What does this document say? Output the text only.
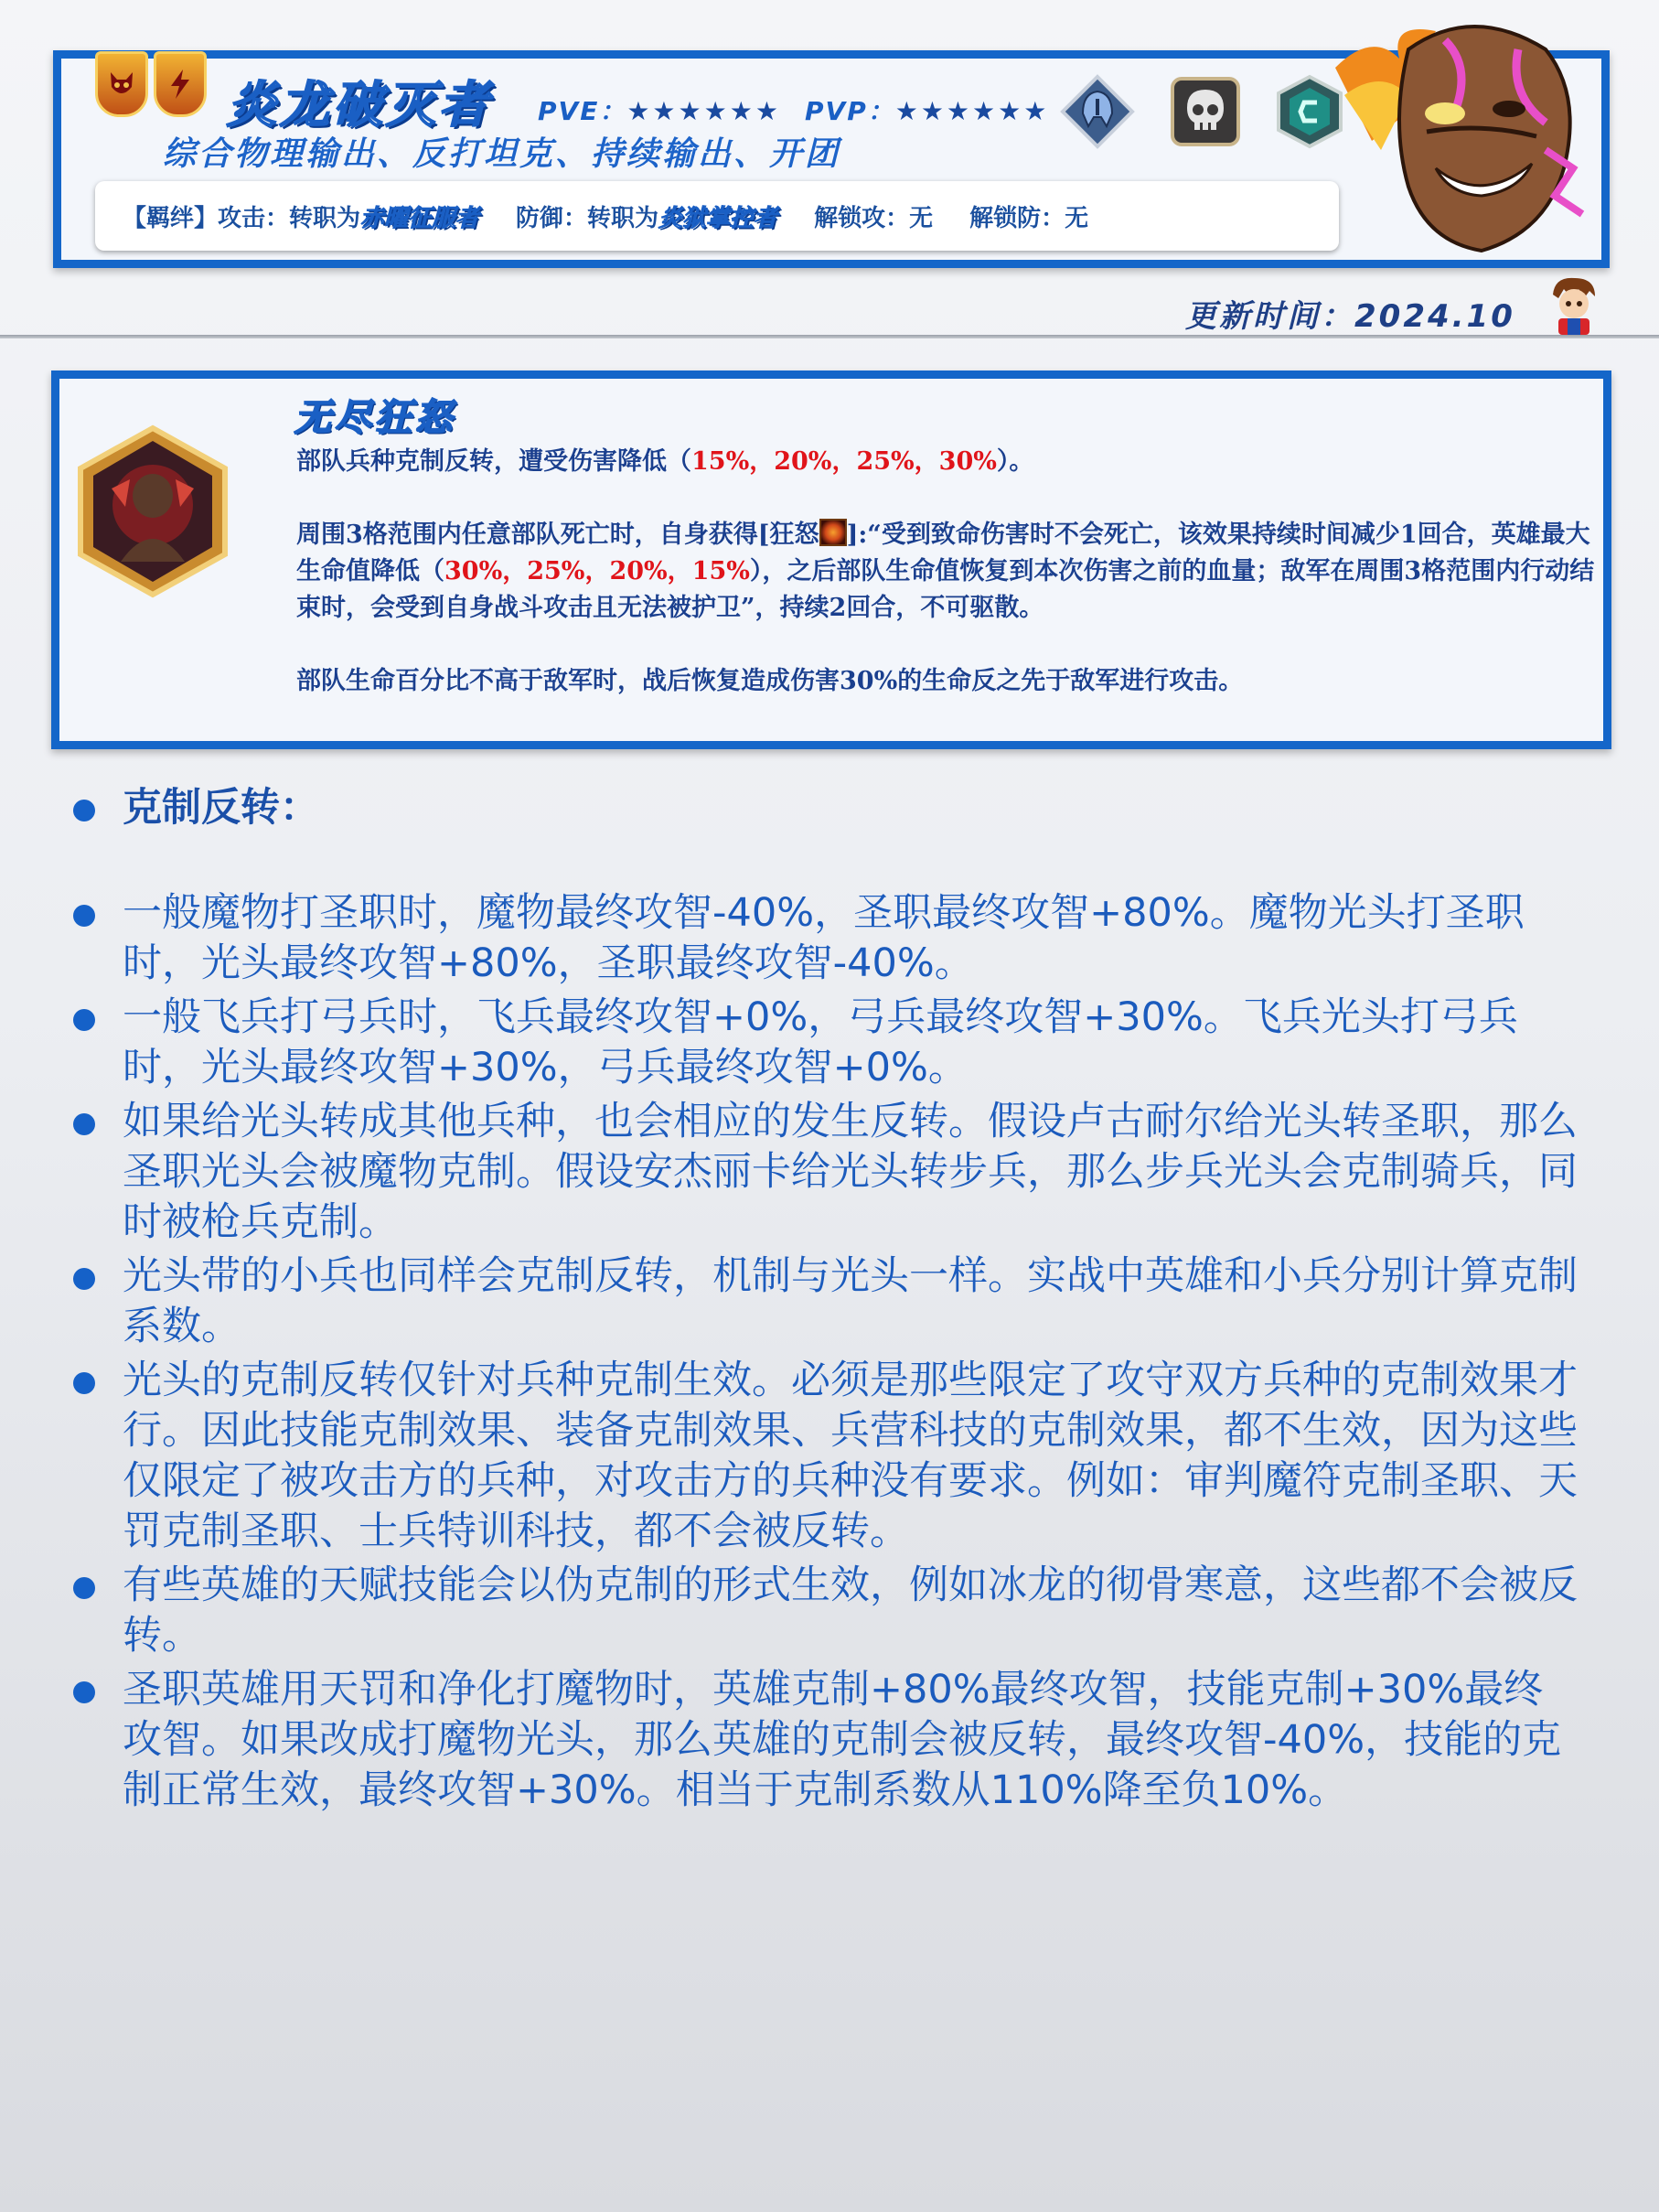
炎龙破灭者 PVE：★★★★★★ PVP：★★★★★★
综合物理输出、反打坦克、持续输出、开团
【羁绊】攻击：转职为 赤曜征服者 防御：转职为 炎狱掌控者 解锁攻：无 解锁防：无
更新时间：2024.10
无尽狂怒

部队兵种克制反转，遭受伤害降低（15%，20%，25%，30%）。

周围3格范围内任意部队死亡时，自身获得[狂怒 ]:“受到致命伤害时不会死亡，该效果持续时间减少1回合，英雄最大生命值降低（30%，25%，20%，15%），之后部队生命值恢复到本次伤害之前的血量；敌军在周围3格范围内行动结束时，会受到自身战斗攻击且无法被护卫”，持续2回合，不可驱散。

部队生命百分比不高于敌军时，战后恢复造成伤害30%的生命反之先于敌军进行攻击。

克制反转：
一般魔物打圣职时，魔物最终攻智-40%，圣职最终攻智+80%。魔物光头打圣职时，光头最终攻智+80%，圣职最终攻智-40%。
一般飞兵打弓兵时，飞兵最终攻智+0%，弓兵最终攻智+30%。飞兵光头打弓兵时，光头最终攻智+30%，弓兵最终攻智+0%。
如果给光头转成其他兵种，也会相应的发生反转。假设卢古耐尔给光头转圣职，那么圣职光头会被魔物克制。假设安杰丽卡给光头转步兵，那么步兵光头会克制骑兵，同时被枪兵克制。
光头带的小兵也同样会克制反转，机制与光头一样。实战中英雄和小兵分别计算克制系数。
光头的克制反转仅针对兵种克制生效。必须是那些限定了攻守双方兵种的克制效果才行。因此技能克制效果、装备克制效果、兵营科技的克制效果，都不生效，因为这些仅限定了被攻击方的兵种，对攻击方的兵种没有要求。例如：审判魔符克制圣职、天罚克制圣职、士兵特训科技，都不会被反转。
有些英雄的天赋技能会以伪克制的形式生效，例如冰龙的彻骨寒意，这些都不会被反转。
圣职英雄用天罚和净化打魔物时，英雄克制+80%最终攻智，技能克制+30%最终攻智。如果改成打魔物光头，那么英雄的克制会被反转，最终攻智-40%，技能的克制正常生效，最终攻智+30%。相当于克制系数从110%降至负10%。
